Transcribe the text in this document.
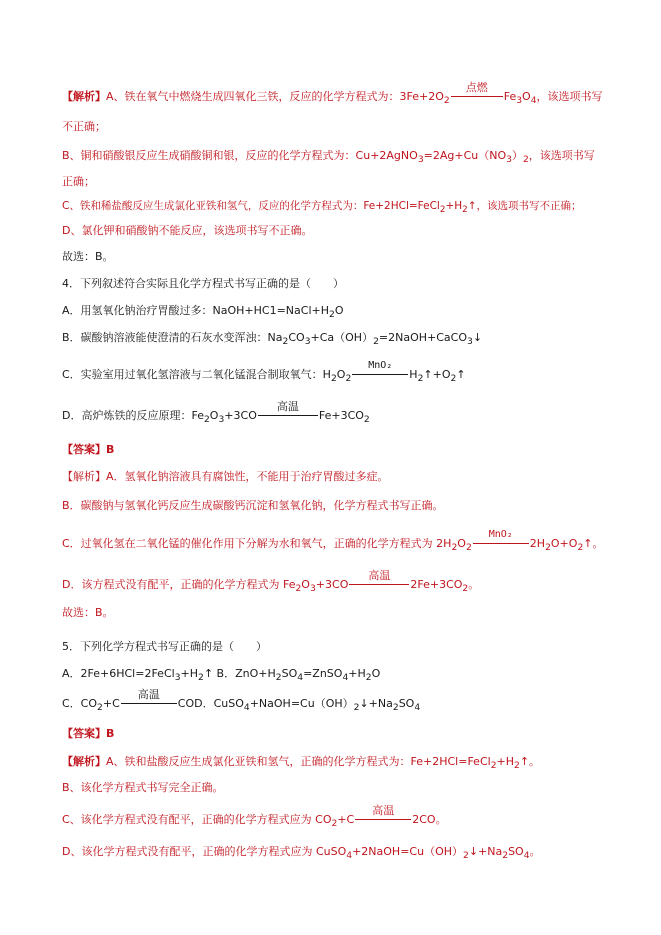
【解析】A、铁在氧气中燃烧生成四氧化三铁，反应的化学方程式为：$3Fe+2O_2$
点燃
$Fe_3O_4$，该选项书写
不正确；
B、铜和硝酸银反应生成硝酸铜和银，反应的化学方程式为：$Cu+2AgNO_3=2Ag+Cu(NO_3)_2$，该选项书写
正确；
C、铁和稀盐酸反应生成氯化亚铁和氢气，反应的化学方程式为：$Fe+2HCl=FeCl_2+H_2↑$，该选项书写不正确；
D、氯化钾和硝酸钠不能反应，该选项书写不正确。
故选：B。
4．下列叙述符合实际且化学方程式书写正确的是（　　）
A．用氢氧化钠治疗胃酸过多：$NaOH+HC1=NaCl+H_2O$
B．碳酸钠溶液能使澄清的石灰水变浑浊：$Na_2CO_3+Ca(OH)_2=2NaOH+CaCO_3↓$
C．实验室用过氧化氢溶液与二氧化锰混合制取氧气：$H_2O_2$
MnO₂
$H_2↑+O_2↑$
D．高炉炼铁的反应原理：$Fe_2O_3+3CO$
高温
$Fe+3CO_2$
【答案】B
【解析】A．氢氧化钠溶液具有腐蚀性，不能用于治疗胃酸过多症。
B．碳酸钠与氢氧化钙反应生成碳酸钙沉淀和氢氧化钠，化学方程式书写正确。
C．过氧化氢在二氧化锰的催化作用下分解为水和氧气，正确的化学方程式为 $2H_2O_2$
MnO₂
$2H_2O+O_2↑$。
D．该方程式没有配平，正确的化学方程式为 $Fe_2O_3+3CO$
高温
$2Fe+3CO_2$。
故选：B。
5．下列化学方程式书写正确的是（　　）
A．$2Fe+6HCl=2FeCl_3+H_2↑$ B．$ZnO+H_2SO_4=ZnSO_4+H_2O$
C．$CO_2+C$
高温
COD．$CuSO_4+NaOH=Cu(OH)_2↓+Na_2SO_4$
【答案】B
【解析】A、铁和盐酸反应生成氯化亚铁和氢气，正确的化学方程式为：$Fe+2HCl=FeCl_2+H_2↑$。
B、该化学方程式书写完全正确。
C、该化学方程式没有配平，正确的化学方程式应为 $CO_2+C$
高温
2CO。
D、该化学方程式没有配平，正确的化学方程式应为 $CuSO_4+2NaOH=Cu(OH)_2↓+Na_2SO_4$。
